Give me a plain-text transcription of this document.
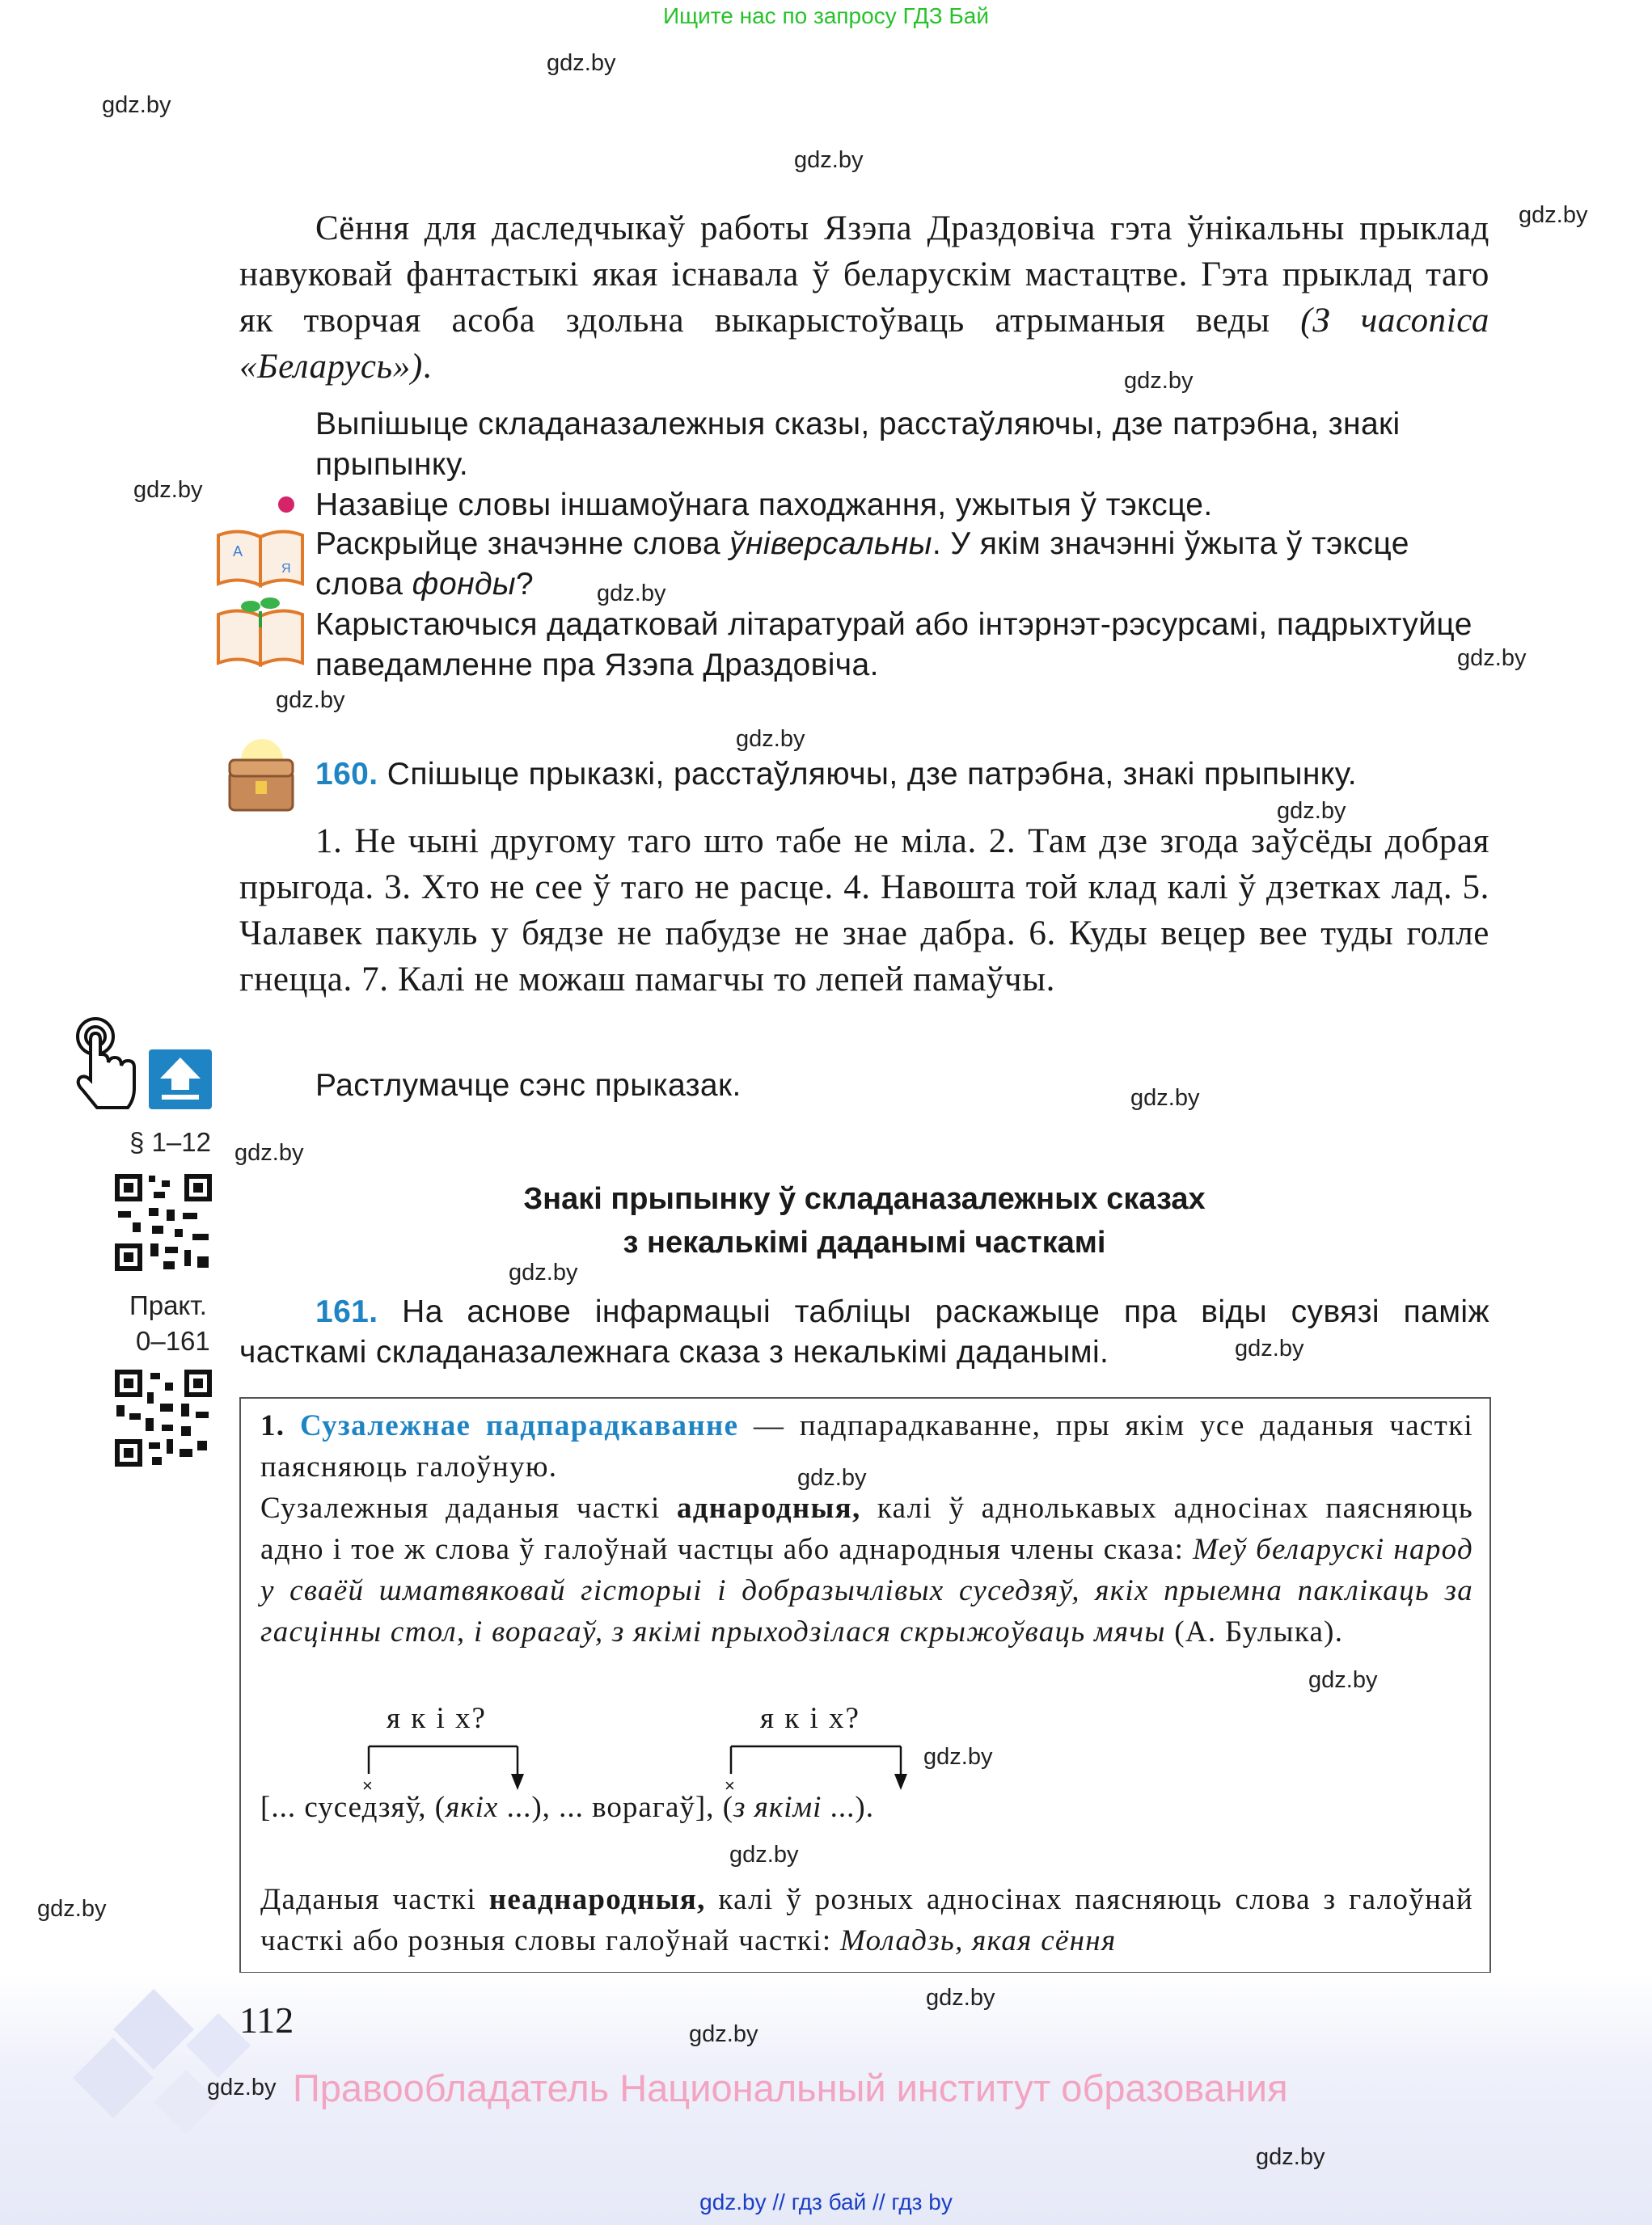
Ищите нас по запросу ГДЗ Бай
gdz.by
gdz.by
gdz.by
gdz.by
gdz.by
gdz.by
gdz.by
gdz.by
gdz.by
gdz.by
gdz.by
gdz.by
gdz.by
gdz.by
gdz.by
gdz.by
gdz.by
gdz.by
gdz.by
gdz.by
Сёння для даследчыкаў работы Язэпа Драздовіча гэта ўнікальны прыклад навуковай фантастыкі якая існавала ў беларускім мастацтве. Гэта прыклад таго як творчая асоба здольна выкарыстоўваць атрыманыя веды (З часопіса «Беларусь»).
Выпішыце складаназалежныя сказы, расстаўляючы, дзе патрэбна, знакі прыпынку.
Назавіце словы іншамоўнага паходжання, ужытыя ў тэксце.
А
Я
Раскрыйце значэнне слова ўніверсальны. У якім значэнні ўжыта ў тэксце слова фонды?
Карыстаючыся дадатковай літаратурай або інтэрнэт-рэсурсамі, падрыхтуйце паведамленне пра Язэпа Драздовіча.
160. Спішыце прыказкі, расстаўляючы, дзе патрэбна, знакі прыпынку.
1. Не чыні другому таго што табе не міла. 2. Там дзе згода заўсёды добрая прыгода. 3. Хто не сее ў таго не расце. 4. Навошта той клад калі ў дзетках лад. 5. Чалавек пакуль у бядзе не пабудзе не знае дабра. 6. Куды вецер вее туды голле гнецца. 7. Калі не можаш памагчы то лепей памаўчы.
Растлумачце сэнс прыказак.
§ 1–12
Практ.
0–161
Знакі прыпынку ў складаназалежных сказах
з некалькімі даданымі часткамі
161. На аснове інфармацыі табліцы раскажыце пра віды сувязі паміж часткамі складаназалежнага сказа з некалькімі даданымі.
1. Сузалежнае падпарадкаванне — падпарадкаванне, пры якім усе даданыя часткі паясняюць галоўную.
Сузалежныя даданыя часткі аднародныя, калі ў аднолькавых адносінах паясняюць адно і тое ж слова ў галоўнай частцы або аднародныя члены сказа: Меў беларускі народ у сваёй шматвяковай гісторыі і добразычлівых суседзяў, якіх прыемна паклікаць за гасцінны стол, і ворагаў, з якімі прыходзілася скрыжоўваць мячы (А. Булыка).
×	×
я к і х?	я к і х?
[... суседзяў, (якіх ...), ... ворагаў], (з якімі ...).
Даданыя часткі неаднародныя, калі ў розных адносінах паясняюць слова з галоўнай часткі або розныя словы галоўнай часткі: Моладзь, якая сёння
112
gdz.by
gdz.by
gdz.by Правообладатель Национальный институт образования
gdz.by
gdz.by // гдз бай // гдз by
